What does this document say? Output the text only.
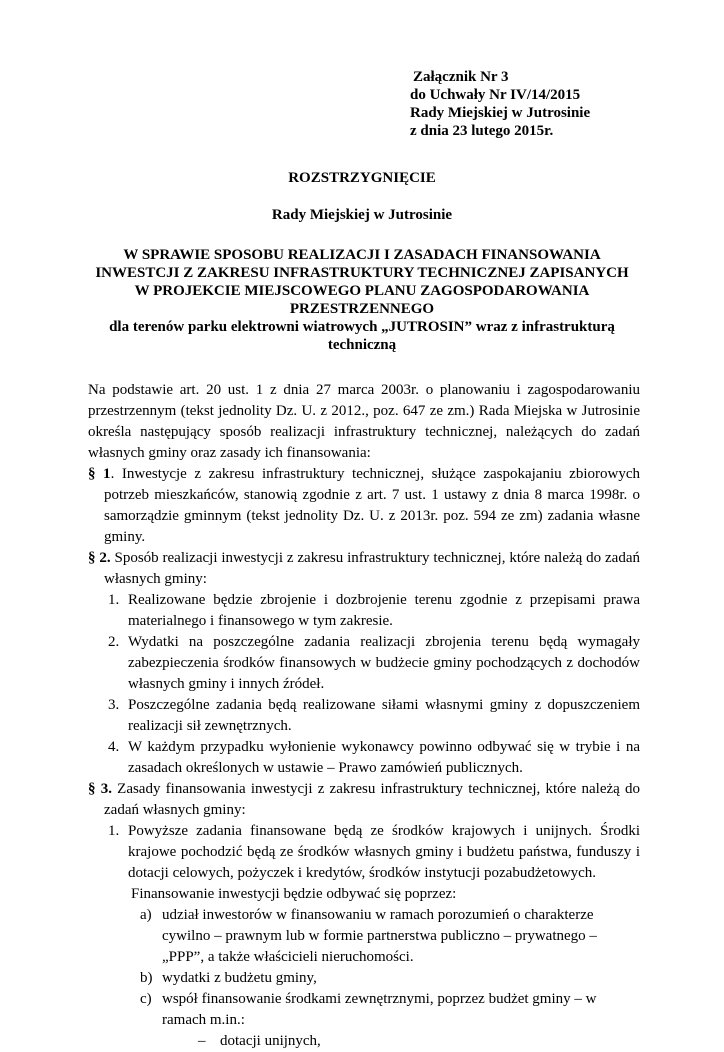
Załącznik Nr 3
do Uchwały Nr IV/14/2015
Rady Miejskiej w Jutrosinie
z dnia 23 lutego 2015r.
ROZSTRZYGNIĘCIE
Rady Miejskiej w Jutrosinie
W SPRAWIE SPOSOBU REALIZACJI I ZASADACH FINANSOWANIA
INWESTCJI Z ZAKRESU INFRASTRUKTURY TECHNICZNEJ ZAPISANYCH
W PROJEKCIE MIEJSCOWEGO PLANU ZAGOSPODAROWANIA
PRZESTRZENNEGO
dla terenów parku elektrowni wiatrowych „JUTROSIN” wraz z infrastrukturą
techniczną

Na podstawie art. 20 ust. 1 z dnia 27 marca 2003r. o planowaniu i zagospodarowaniu przestrzennym (tekst jednolity Dz. U. z 2012., poz. 647 ze zm.) Rada Miejska w Jutrosinie określa następujący sposób realizacji infrastruktury technicznej, należących do zadań własnych gminy oraz zasady ich finansowania:

§ 1. Inwestycje z zakresu infrastruktury technicznej, służące zaspokajaniu zbiorowych potrzeb mieszkańców, stanowią zgodnie z art. 7 ust. 1 ustawy z dnia 8 marca 1998r. o samorządzie gminnym (tekst jednolity Dz. U. z 2013r. poz. 594 ze zm) zadania własne gminy.

§ 2. Sposób realizacji inwestycji z zakresu infrastruktury technicznej, które należą do zadań własnych gminy:

1. Realizowane będzie zbrojenie i dozbrojenie terenu zgodnie z przepisami prawa materialnego i finansowego w tym zakresie.
2. Wydatki na poszczególne zadania realizacji zbrojenia terenu będą wymagały zabezpieczenia środków finansowych w budżecie gminy pochodzących z dochodów własnych gminy i innych źródeł.
3. Poszczególne zadania będą realizowane siłami własnymi gminy z dopuszczeniem realizacji sił zewnętrznych.
4. W każdym przypadku wyłonienie wykonawcy powinno odbywać się w trybie i na zasadach określonych w ustawie – Prawo zamówień publicznych.

§ 3. Zasady finansowania inwestycji z zakresu infrastruktury technicznej, które należą do zadań własnych gminy:

1. Powyższe zadania finansowane będą ze środków krajowych i unijnych. Środki krajowe pochodzić będą ze środków własnych gminy i budżetu państwa, funduszy i dotacji celowych, pożyczek i kredytów, środków instytucji pozabudżetowych.
Finansowanie inwestycji będzie odbywać się poprzez:
a) udział inwestorów w finansowaniu w ramach porozumień o charakterze cywilno – prawnym lub w formie partnerstwa publiczno – prywatnego – „PPP”, a także właścicieli nieruchomości.
b) wydatki z budżetu gminy,
c) współ finansowanie środkami zewnętrznymi, poprzez budżet gminy – w ramach m.in.:
– dotacji unijnych,
